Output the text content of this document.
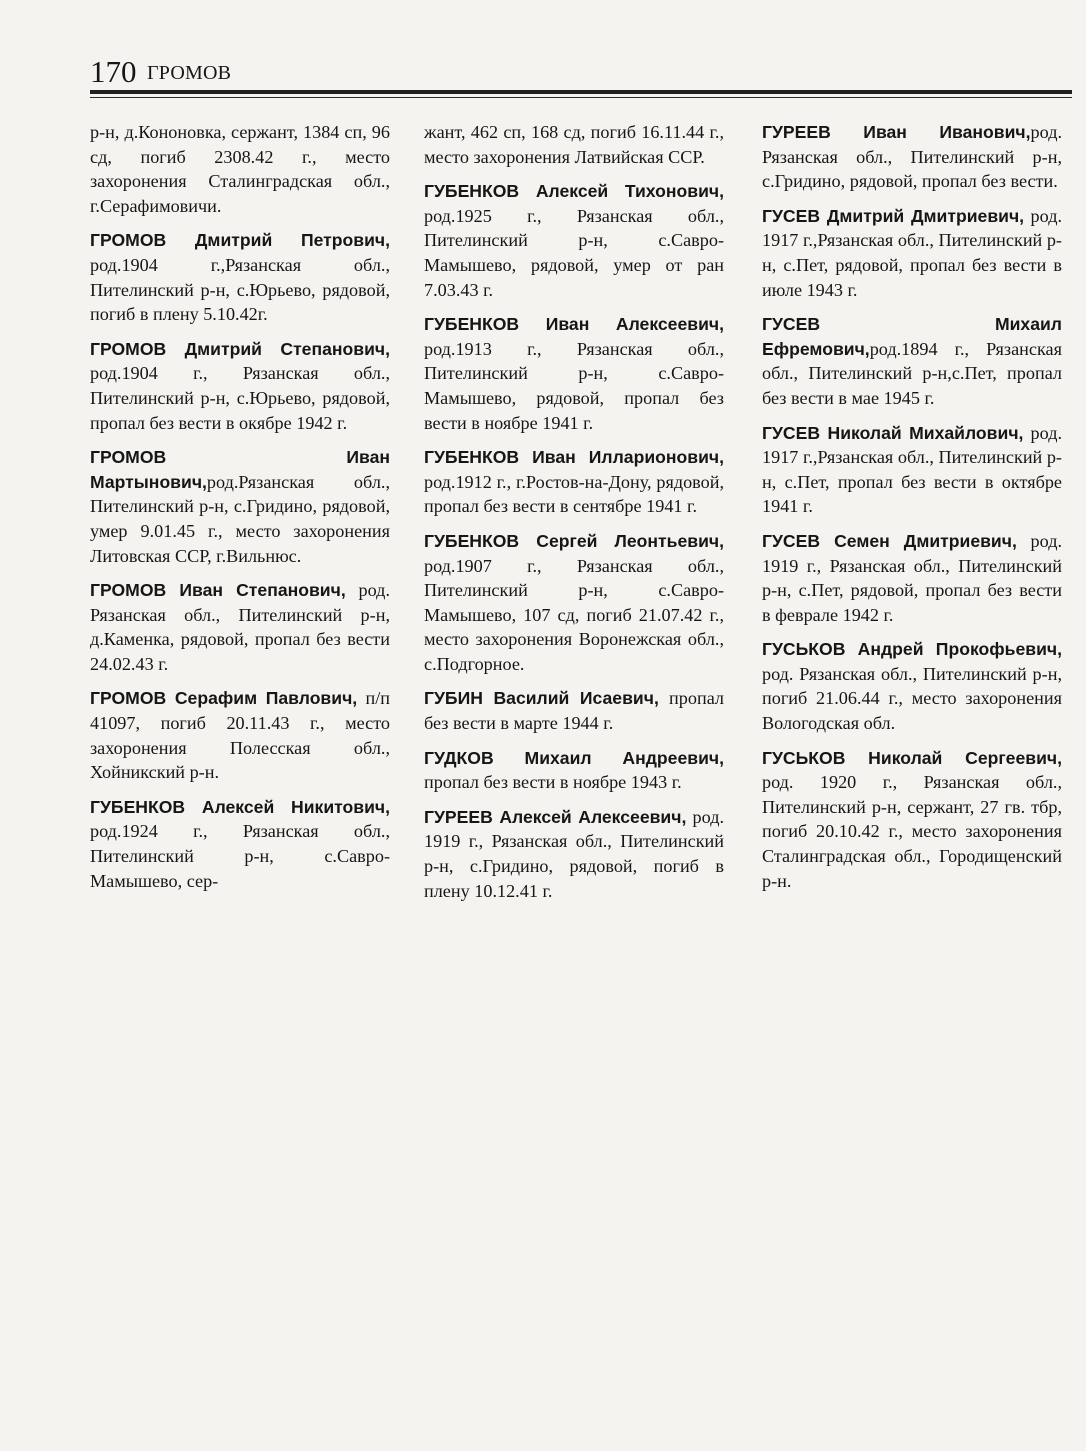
170 ГРОМОВ

р-н, д.Кононовка, сержант, 1384 сп, 96 сд, погиб 2308.42 г., место захоронения Сталинградская обл., г.Серафимовичи.

ГРОМОВ Дмитрий Петрович, род.1904 г.,Рязанская обл., Пителинский р-н, с.Юрьево, рядовой, погиб в плену 5.10.42г.

ГРОМОВ Дмитрий Степанович, род.1904 г., Рязанская обл., Пителинский р-н, с.Юрьево, рядовой, пропал без вести в окябре 1942 г.

ГРОМОВ Иван Мартынович,род.Рязанская обл., Пителинский р-н, с.Гридино, рядовой, умер 9.01.45 г., место захоронения Литовская ССР, г.Вильнюс.

ГРОМОВ Иван Степанович, род. Рязанская обл., Пителинский р-н, д.Каменка, рядовой, пропал без вести 24.02.43 г.

ГРОМОВ Серафим Павлович, п/п 41097, погиб 20.11.43 г., место захоронения Полесская обл., Хойникский р-н.

ГУБЕНКОВ Алексей Никитович, род.1924 г., Рязанская обл., Пителинский р-н, с.Саврo-Мамышево, сер-

жант, 462 сп, 168 сд, погиб 16.11.44 г., место захоронения Латвийская ССР.

ГУБЕНКОВ Алексей Тихонович, род.1925 г., Рязанская обл., Пителинский р-н, с.Савро-Мамышево, рядовой, умер от ран 7.03.43 г.

ГУБЕНКОВ Иван Алексеевич, род.1913 г., Рязанская обл., Пителинский р-н, с.Савро-Мамышево, рядовой, пропал без вести в ноябре 1941 г.

ГУБЕНКОВ Иван Илларионович, род.1912 г., г.Ростов-на-Дону, рядовой, пропал без вести в сентябре 1941 г.

ГУБЕНКОВ Сергей Леонтьевич, род.1907 г., Рязанская обл., Пителинский р-н, с.Савро-Мамышево, 107 сд, погиб 21.07.42 г., место захоронения Воронежская обл., с.Подгорное.

ГУБИН Василий Исаевич, пропал без вести в марте 1944 г.

ГУДКОВ Михаил Андреевич, пропал без вести в ноябре 1943 г.

ГУРЕЕВ Алексей Алексеевич, род. 1919 г., Рязанская обл., Пителинский р-н, с.Гридино, рядовой, погиб в плену 10.12.41 г.

ГУРЕЕВ Иван Иванович,род. Рязанская обл., Пителинский р-н, с.Гридино, рядовой, пропал без вести.

ГУСЕВ Дмитрий Дмитриевич, род. 1917 г.,Рязанская обл., Пителинский р-н, с.Пет, рядовой, пропал без вести в июле 1943 г.

ГУСЕВ Михаил Ефремович,род.1894 г., Рязанская обл., Пителинский р-н,с.Пет, пропал без вести в мае 1945 г.

ГУСЕВ Николай Михайлович, род. 1917 г.,Рязанская обл., Пителинский р-н, с.Пет, пропал без вести в октябре 1941 г.

ГУСЕВ Семен Дмитриевич, род. 1919 г., Рязанская обл., Пителинский р-н, с.Пет, рядовой, пропал без вести в феврале 1942 г.

ГУСЬКОВ Андрей Прокофьевич, род. Рязанская обл., Пителинский р-н, погиб 21.06.44 г., место захоронения Вологодская обл.

ГУСЬКОВ Николай Сергеевич, род. 1920 г., Рязанская обл., Пителинский р-н, сержант, 27 гв. тбр, погиб 20.10.42 г., место захоронения Сталинградская обл., Городищенский р-н.
